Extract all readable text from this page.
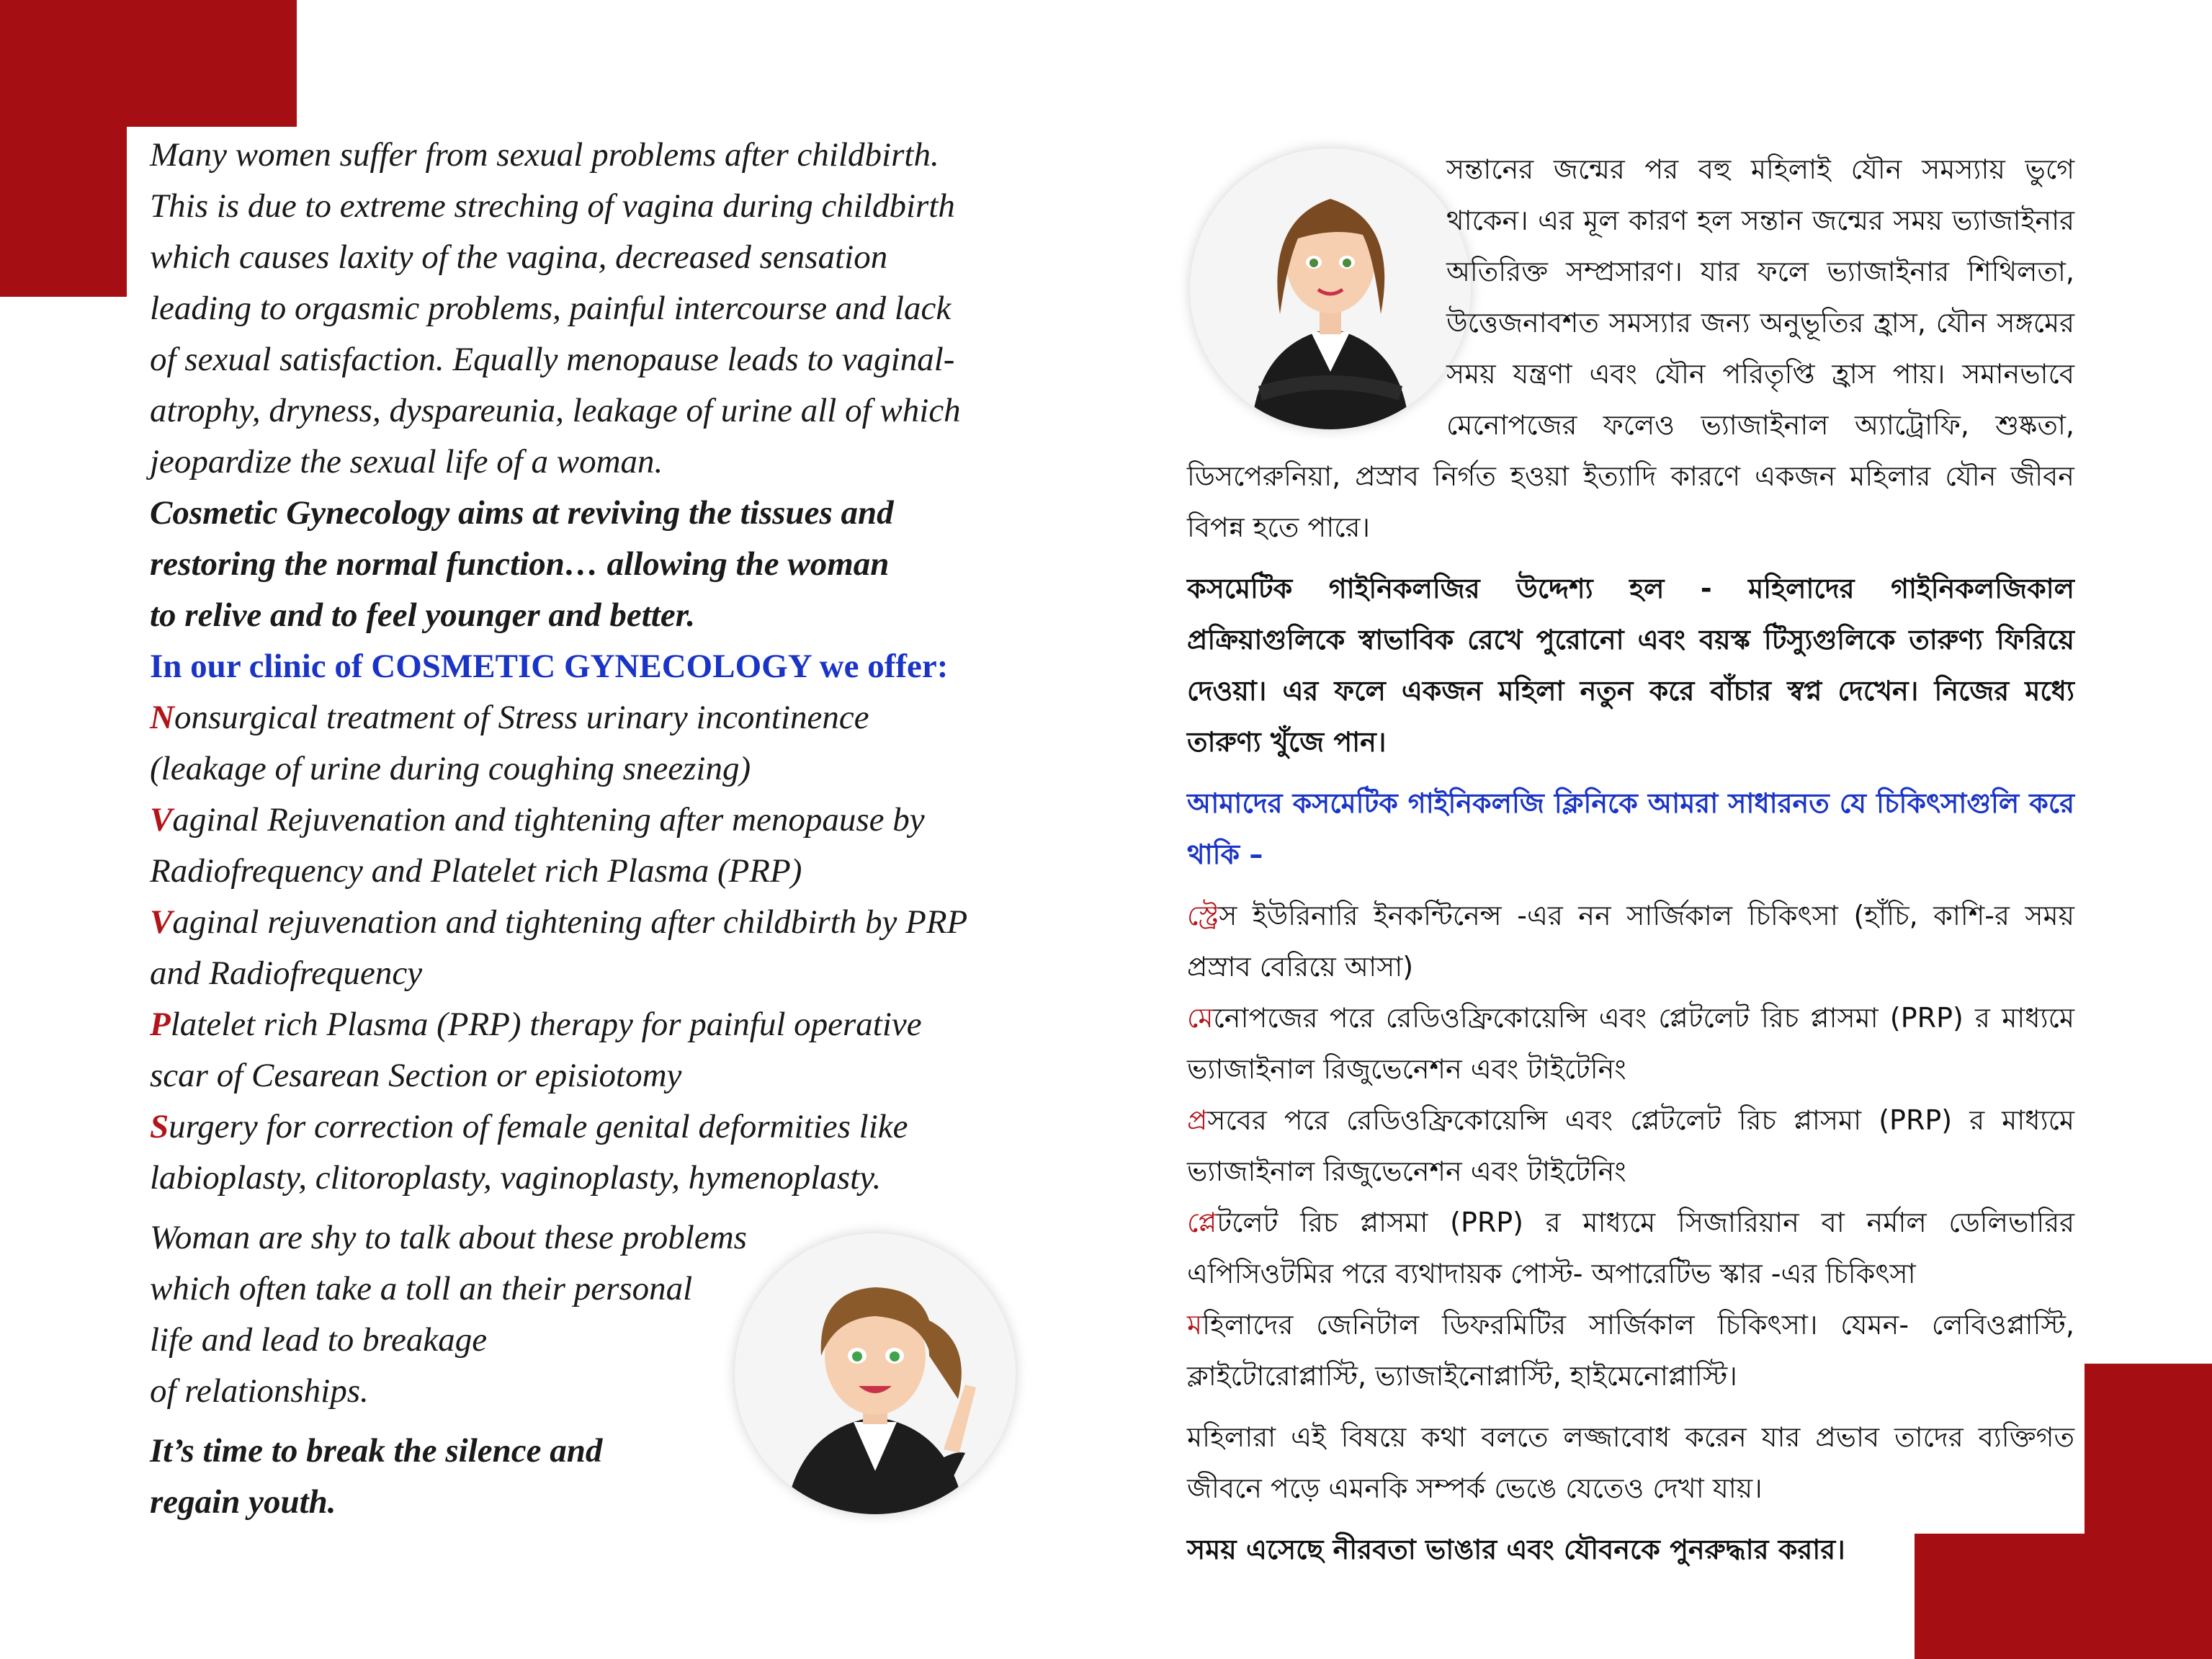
Many women suffer from sexual problems after childbirth.

This is due to extreme streching of vagina during childbirth

which causes laxity of the vagina, decreased sensation

leading to orgasmic problems, painful intercourse and lack

of sexual satisfaction. Equally menopause leads to vaginal-

atrophy, dryness, dyspareunia, leakage of urine all of which

jeopardize the sexual life of a woman.

Cosmetic Gynecology aims at reviving the tissues and

restoring the normal function… allowing the woman

to relive and to feel younger and better.

In our clinic of COSMETIC GYNECOLOGY we offer:

Nonsurgical treatment of Stress urinary incontinence

(leakage of urine during coughing sneezing)

Vaginal Rejuvenation and tightening after menopause by

Radiofrequency and Platelet rich Plasma (PRP)

Vaginal rejuvenation and tightening after childbirth by PRP

and Radiofrequency

Platelet rich Plasma (PRP) therapy for painful operative

scar of Cesarean Section or episiotomy

Surgery for correction of female genital deformities like

labioplasty, clitoroplasty, vaginoplasty, hymenoplasty.

Woman are shy to talk about these problems

which often take a toll an their personal

life and lead to breakage

of relationships.

It’s time to break the silence and

regain youth.

সন্তানের জন্মের পর বহু মহিলাই যৌন সমস্যায় ভুগে থাকেন। এর মূল কারণ হল সন্তান জন্মের সময় ভ্যাজাইনার অতিরিক্ত সম্প্রসারণ। যার ফলে ভ্যাজাইনার শিথিলতা, উত্তেজনাবশত সমস্যার জন্য অনুভূতির হ্রাস, যৌন সঙ্গমের সময় যন্ত্রণা এবং যৌন পরিতৃপ্তি হ্রাস পায়। সমানভাবে মেনোপজের ফলেও ভ্যাজাইনাল অ্যাট্রোফি, শুষ্কতা, ডিসপেরুনিয়া, প্রস্রাব নির্গত হওয়া ইত্যাদি কারণে একজন মহিলার যৌন জীবন বিপন্ন হতে পারে।

কসমেটিক গাইনিকলজির উদ্দেশ্য হল - মহিলাদের গাইনিকলজিকাল প্রক্রিয়াগুলিকে স্বাভাবিক রেখে পুরোনো এবং বয়স্ক টিস্যুগুলিকে তারুণ্য ফিরিয়ে দেওয়া। এর ফলে একজন মহিলা নতুন করে বাঁচার স্বপ্ন দেখেন। নিজের মধ্যে তারুণ্য খুঁজে পান।

আমাদের কসমেটিক গাইনিকলজি ক্লিনিকে আমরা সাধারনত যে চিকিৎসাগুলি করে থাকি –

স্ট্রেস ইউরিনারি ইনকন্টিনেন্স -এর নন সার্জিকাল চিকিৎসা (হাঁচি, কাশি-র সময় প্রস্রাব বেরিয়ে আসা)

মেনোপজের পরে রেডিওফ্রিকোয়েন্সি এবং প্লেটলেট রিচ প্লাসমা (PRP) র মাধ্যমে ভ্যাজাইনাল রিজুভেনেশন এবং টাইটেনিং

প্রসবের পরে রেডিওফ্রিকোয়েন্সি এবং প্লেটলেট রিচ প্লাসমা (PRP) র মাধ্যমে ভ্যাজাইনাল রিজুভেনেশন এবং টাইটেনিং

প্লেটলেট রিচ প্লাসমা (PRP) র মাধ্যমে সিজারিয়ান বা নর্মাল ডেলিভারির এপিসিওটমির পরে ব্যথাদায়ক পোস্ট- অপারেটিভ স্কার -এর চিকিৎসা

মহিলাদের জেনিটাল ডিফরমিটির সার্জিকাল চিকিৎসা। যেমন- লেবিওপ্লাস্টি, ক্লাইটোরোপ্লাস্টি, ভ্যাজাইনোপ্লাস্টি, হাইমেনোপ্লাস্টি।

মহিলারা এই বিষয়ে কথা বলতে লজ্জাবোধ করেন যার প্রভাব তাদের ব্যক্তিগত জীবনে পড়ে এমনকি সম্পর্ক ভেঙে যেতেও দেখা যায়।

সময় এসেছে নীরবতা ভাঙার এবং যৌবনকে পুনরুদ্ধার করার।
